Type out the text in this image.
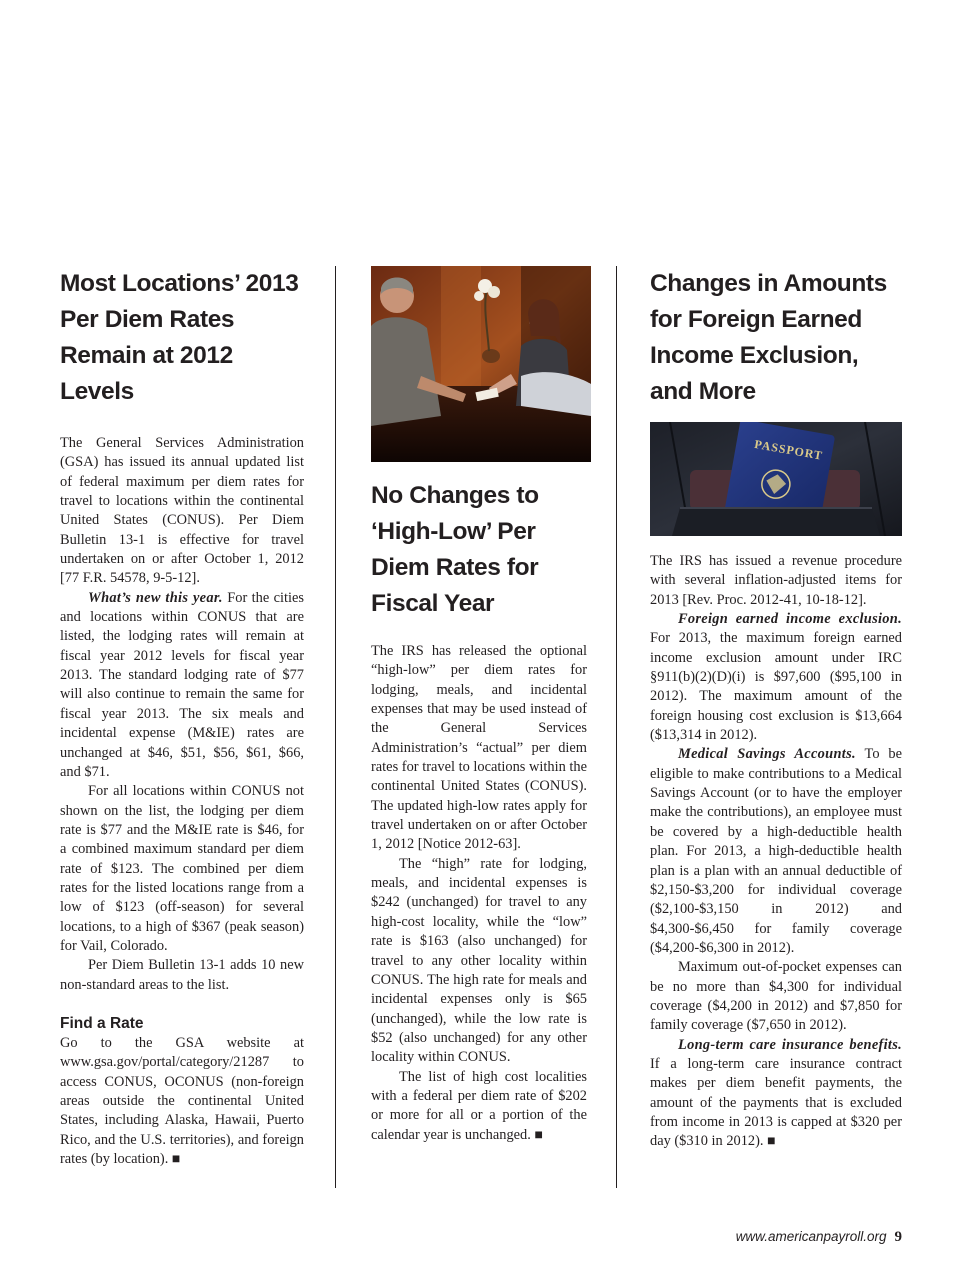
Most Locations’ 2013 Per Diem Rates Remain at 2012 Levels

The General Services Administration (GSA) has issued its annual updated list of federal maximum per diem rates for travel to locations within the continental United States (CONUS). Per Diem Bulletin 13-1 is effective for travel undertaken on or after October 1, 2012 [77 F.R. 54578, 9-5-12].

What’s new this year. For the cities and locations within CONUS that are listed, the lodging rates will remain at fiscal year 2012 levels for fiscal year 2013. The standard lodging rate of $77 will also continue to remain the same for fiscal year 2013. The six meals and incidental expense (M&IE) rates are unchanged at $46, $51, $56, $61, $66, and $71.

For all locations within CONUS not shown on the list, the lodging per diem rate is $77 and the M&IE rate is $46, for a combined maximum standard per diem rate of $123. The combined per diem rates for the listed locations range from a low of $123 (off-season) for several locations, to a high of $367 (peak season) for Vail, Colorado.

Per Diem Bulletin 13-1 adds 10 new non-standard areas to the list.

Find a Rate

Go to the GSA website at www.gsa.gov/portal/category/21287 to access CONUS, OCONUS (non-foreign areas outside the continental United States, including Alaska, Hawaii, Puerto Rico, and the U.S. territories), and foreign rates (by location). ■

No Changes to ‘High-Low’ Per Diem Rates for Fiscal Year

The IRS has released the optional “high-low” per diem rates for lodging, meals, and incidental expenses that may be used instead of the General Services Administration’s “actual” per diem rates for travel to locations within the continental United States (CONUS). The updated high-low rates apply for travel undertaken on or after October 1, 2012 [Notice 2012-63].

The “high” rate for lodging, meals, and incidental expenses is $242 (unchanged) for travel to any high-cost locality, while the “low” rate is $163 (also unchanged) for travel to any other locality within CONUS. The high rate for meals and incidental expenses only is $65 (unchanged), while the low rate is $52 (also unchanged) for any other locality within CONUS.

The list of high cost localities with a federal per diem rate of $202 or more for all or a portion of the calendar year is unchanged. ■

Changes in Amounts for Foreign Earned Income Exclusion, and More
PASSPORT

The IRS has issued a revenue procedure with several inflation-adjusted items for 2013 [Rev. Proc. 2012-41, 10-18-12].

Foreign earned income exclusion. For 2013, the maximum foreign earned income exclusion amount under IRC §911(b)(2)(D)(i) is $97,600 ($95,100 in 2012). The maximum amount of the foreign housing cost exclusion is $13,664 ($13,314 in 2012).

Medical Savings Accounts. To be eligible to make contributions to a Medical Savings Account (or to have the employer make the contributions), an employee must be covered by a high-deductible health plan. For 2013, a high-deductible health plan is a plan with an annual deductible of $2,150-$3,200 for individual coverage ($2,100-$3,150 in 2012) and $4,300-$6,450 for family coverage ($4,200-$6,300 in 2012).

Maximum out-of-pocket expenses can be no more than $4,300 for individual coverage ($4,200 in 2012) and $7,850 for family coverage ($7,650 in 2012).

Long-term care insurance benefits. If a long-term care insurance contract makes per diem benefit payments, the amount of the payments that is excluded from income in 2013 is capped at $320 per day ($310 in 2012). ■

www.americanpayroll.org 9
